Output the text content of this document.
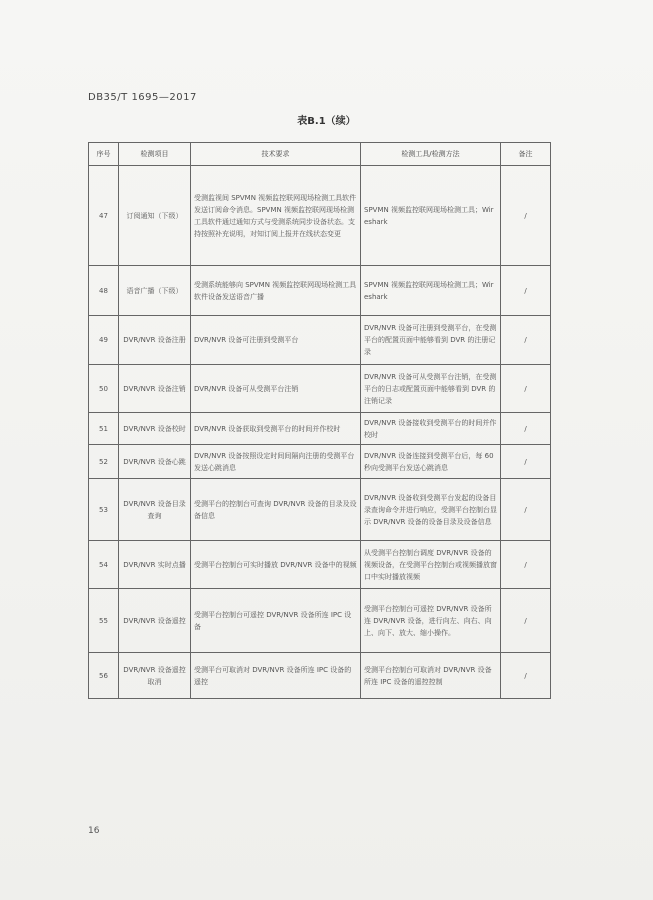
DB35/T 1695—2017
表B.1（续）
序号	检测项目	技术要求	检测工具/检测方法	备注
47	订阅通知（下级）	受测监视间 SPVMN 视频监控联网现场检测工具软件发送订阅命令消息。SPVMN 视频监控联网现场检测工具软件通过通知方式与受测系统同步设备状态。支持按照补充说明，对知订阅上报并在线状态变更	SPVMN 视频监控联网现场检测工具；Wireshark	/
48	语音广播（下级）	受测系统能够向 SPVMN 视频监控联网现场检测工具软件设备发送语音广播	SPVMN 视频监控联网现场检测工具；Wireshark	/
49	DVR/NVR 设备注册	DVR/NVR 设备可注册到受测平台	DVR/NVR 设备可注册到受测平台，在受测平台的配置页面中能够看到 DVR 的注册记录	/
50	DVR/NVR 设备注销	DVR/NVR 设备可从受测平台注销	DVR/NVR 设备可从受测平台注销，在受测平台的日志或配置页面中能够看到 DVR 的注销记录	/
51	DVR/NVR 设备校时	DVR/NVR 设备获取到受测平台的时间并作校时	DVR/NVR 设备接收到受测平台的时间并作校时	/
52	DVR/NVR 设备心跳	DVR/NVR 设备按照设定时间间隔向注册的受测平台发送心跳消息	DVR/NVR 设备连接到受测平台后，每 60 秒向受测平台发送心跳消息	/
53	DVR/NVR 设备目录查询	受测平台的控制台可查询 DVR/NVR 设备的目录及设备信息	DVR/NVR 设备收到受测平台发起的设备目录查询命令并进行响应，受测平台控制台显示 DVR/NVR 设备的设备目录及设备信息	/
54	DVR/NVR 实时点播	受测平台控制台可实时播放 DVR/NVR 设备中的视频	从受测平台控制台调度 DVR/NVR 设备的视频设备，在受测平台控制台或视频播放窗口中实时播放视频	/
55	DVR/NVR 设备遥控	受测平台控制台可遥控 DVR/NVR 设备所连 IPC 设备	受测平台控制台可遥控 DVR/NVR 设备所连 DVR/NVR 设备，进行向左、向右、向上、向下、放大、缩小操作。	/
56	DVR/NVR 设备遥控取消	受测平台可取消对 DVR/NVR 设备所连 IPC 设备的遥控	受测平台控制台可取消对 DVR/NVR 设备所连 IPC 设备的遥控控制	/
16
